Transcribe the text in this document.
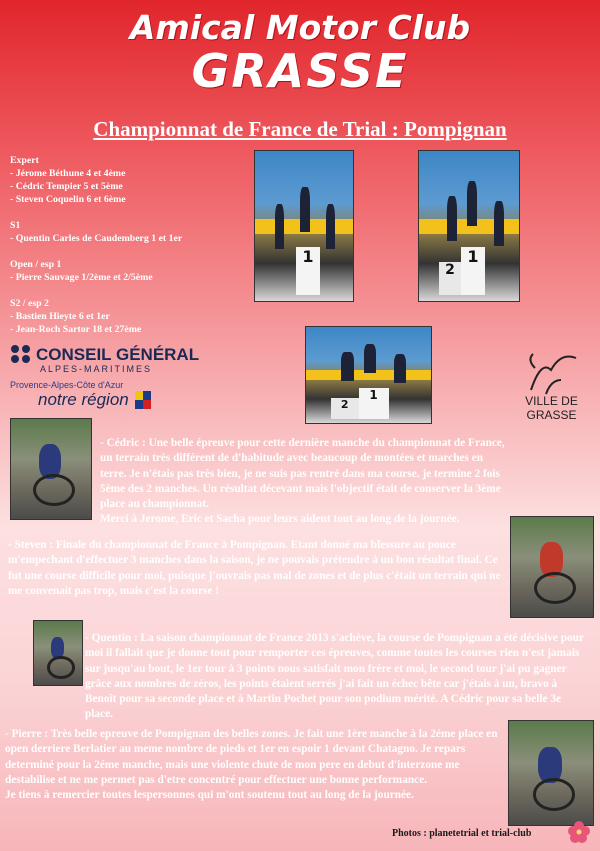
Amical Motor Club
GRASSE
Championnat de France de Trial : Pompignan
Expert
- Jérome Béthune 4 et 4ème
- Cédric Tempier 5 et 5ème
- Steven Coquelin 6 et 6ème
S1
- Quentin Carles de Caudemberg 1 et 1er
Open / esp 1
- Pierre Sauvage 1/2ème et 2/5ème
S2 / esp 2
- Bastien Hieyte 6 et 1er
- Jean-Roch Sartor 18 et 27ème
1	1
2
1
2
CONSEIL GÉNÉRAL
ALPES-MARITIMES
Provence-Alpes-Côte d'Azur
notre région	VILLE DE GRASSE

- Cédric : Une belle épreuve pour cette dernière manche du championnat de France, un terrain très différent de d'habitude avec beaucoup de montées et marches en terre. Je n'étais pas très bien, je ne suis pas rentré dans ma course. je termine 2 fois 5ème des 2 manches. Un résultat décevant mais l'objectif était de conserver la 3ème place au championnat.

Merci à Jerome, Eric et Sacha pour leurs aident tout au long de la journée.

- Steven : Finale du championnat de France à Pompignan. Etant donné ma blessure au pouce m'empechant d'effectuer 3 manches dans la saison, je ne pouvais prétendre à un bon résultat final. Ce fut une course difficile pour moi, puisque j'ouvrais pas mal de zones et de plus c'était un terrain qui ne me convenait pas trop, mais c'est la course !

- Quentin : La saison championnat de France 2013 s'achève, la course de Pompignan a été décisive pour moi il fallait que je donne tout pour remporter ces épreuves, comme toutes les courses rien n'est jamais sur jusqu'au bout, le 1er tour à 3 points nous satisfait mon frère et moi, le second tour j'ai pu gagner grâce aux nombres de zéros, les points étaient serrés j'ai fait un échec bête car j'étais à un, bravo à Benoît pour sa seconde place et à Martin Pochet pour son podium mérité. A Cédric pour sa belle 3e place.

- Pierre : Très belle epreuve de Pompignan des belles zones. Je fait une 1ère manche à la 2éme place en open derriere Berlatier au meme nombre de pieds et 1er en espoir 1 devant Chatagno. Je repars determiné pour la 2éme manche, mais une violente chute de mon pere en debut d'interzone me destabilise et ne me permet pas d'etre concentré pour effectuer une bonne performance.

Je tiens à remercier toutes lespersonnes qui m'ont soutenu tout au long de la journée.

Photos : planetetrial et trial-club
